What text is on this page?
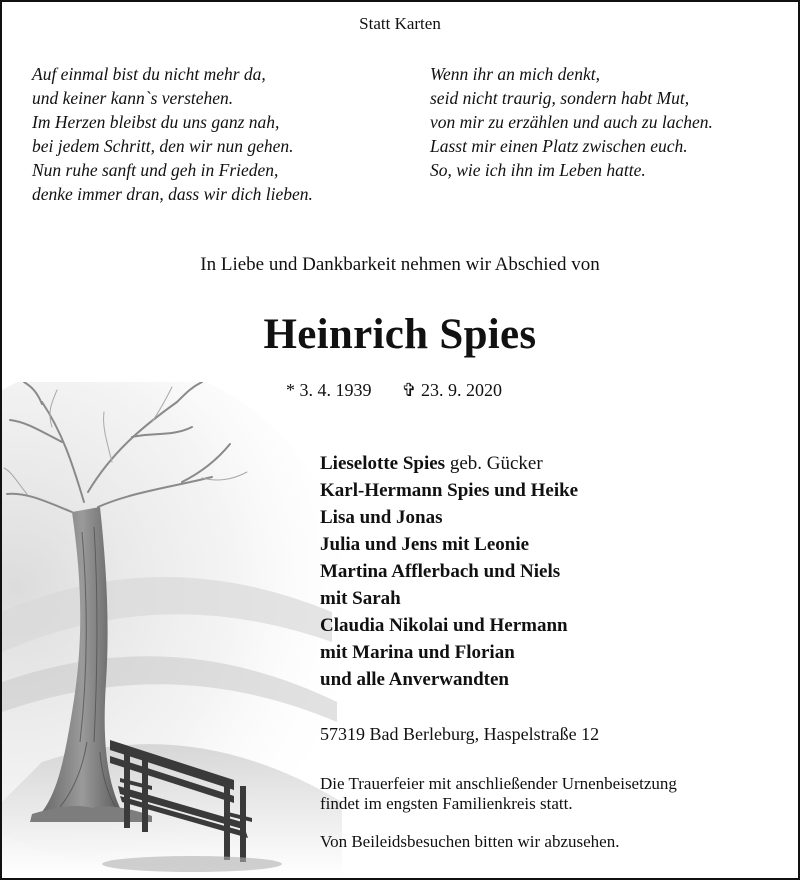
Statt Karten
Auf einmal bist du nicht mehr da,
und keiner kann`s verstehen.
Im Herzen bleibst du uns ganz nah,
bei jedem Schritt, den wir nun gehen.
Nun ruhe sanft und geh in Frieden,
denke immer dran, dass wir dich lieben.
Wenn ihr an mich denkt,
seid nicht traurig, sondern habt Mut,
von mir zu erzählen und auch zu lachen.
Lasst mir einen Platz zwischen euch.
So, wie ich ihn im Leben hatte.
In Liebe und Dankbarkeit nehmen wir Abschied von
Heinrich Spies
* 3. 4. 1939 ✞ 23. 9. 2020
Lieselotte Spies geb. Gücker
Karl-Hermann Spies und Heike
Lisa und Jonas
Julia und Jens mit Leonie
Martina Afflerbach und Niels
mit Sarah
Claudia Nikolai und Hermann
mit Marina und Florian
und alle Anverwandten
57319 Bad Berleburg, Haspelstraße 12
Die Trauerfeier mit anschließender Urnenbeisetzung
findet im engsten Familienkreis statt.
Von Beileidsbesuchen bitten wir abzusehen.
